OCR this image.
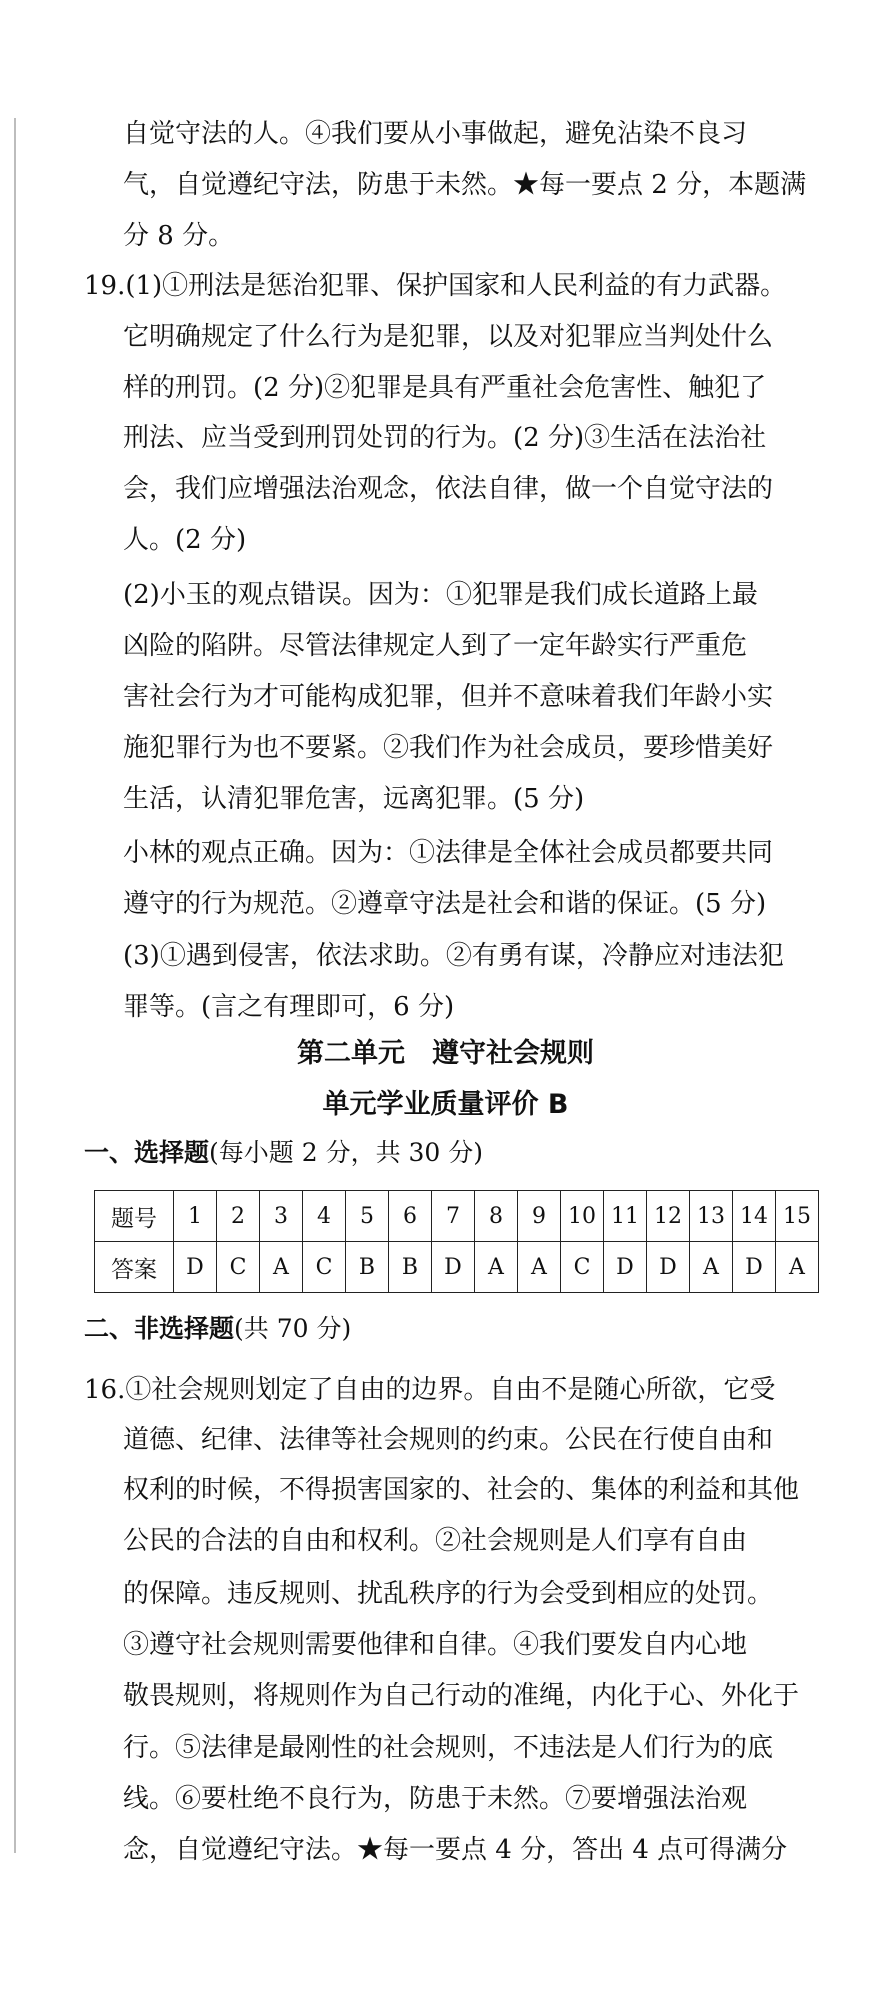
自觉守法的人。④我们要从小事做起，避免沾染不良习
气，自觉遵纪守法，防患于未然。★每一要点 2 分，本题满
分 8 分。
19.(1)①刑法是惩治犯罪、保护国家和人民利益的有力武器。
它明确规定了什么行为是犯罪，以及对犯罪应当判处什么
样的刑罚。(2 分)②犯罪是具有严重社会危害性、触犯了
刑法、应当受到刑罚处罚的行为。(2 分)③生活在法治社
会，我们应增强法治观念，依法自律，做一个自觉守法的
人。(2 分)
(2)小玉的观点错误。因为：①犯罪是我们成长道路上最
凶险的陷阱。尽管法律规定人到了一定年龄实行严重危
害社会行为才可能构成犯罪，但并不意味着我们年龄小实
施犯罪行为也不要紧。②我们作为社会成员，要珍惜美好
生活，认清犯罪危害，远离犯罪。(5 分)
小林的观点正确。因为：①法律是全体社会成员都要共同
遵守的行为规范。②遵章守法是社会和谐的保证。(5 分)
(3)①遇到侵害，依法求助。②有勇有谋，冷静应对违法犯
罪等。(言之有理即可，6 分)
第二单元　遵守社会规则
单元学业质量评价 B
一、选择题(每小题 2 分，共 30 分)
题号	1	2	3	4	5	6	7	8	9	10	11	12	13	14	15
答案	D	C	A	C	B	B	D	A	A	C	D	D	A	D	A
二、非选择题(共 70 分)
16.①社会规则划定了自由的边界。自由不是随心所欲，它受
道德、纪律、法律等社会规则的约束。公民在行使自由和
权利的时候，不得损害国家的、社会的、集体的利益和其他
公民的合法的自由和权利。②社会规则是人们享有自由
的保障。违反规则、扰乱秩序的行为会受到相应的处罚。
③遵守社会规则需要他律和自律。④我们要发自内心地
敬畏规则，将规则作为自己行动的准绳，内化于心、外化于
行。⑤法律是最刚性的社会规则，不违法是人们行为的底
线。⑥要杜绝不良行为，防患于未然。⑦要增强法治观
念，自觉遵纪守法。★每一要点 4 分，答出 4 点可得满分
